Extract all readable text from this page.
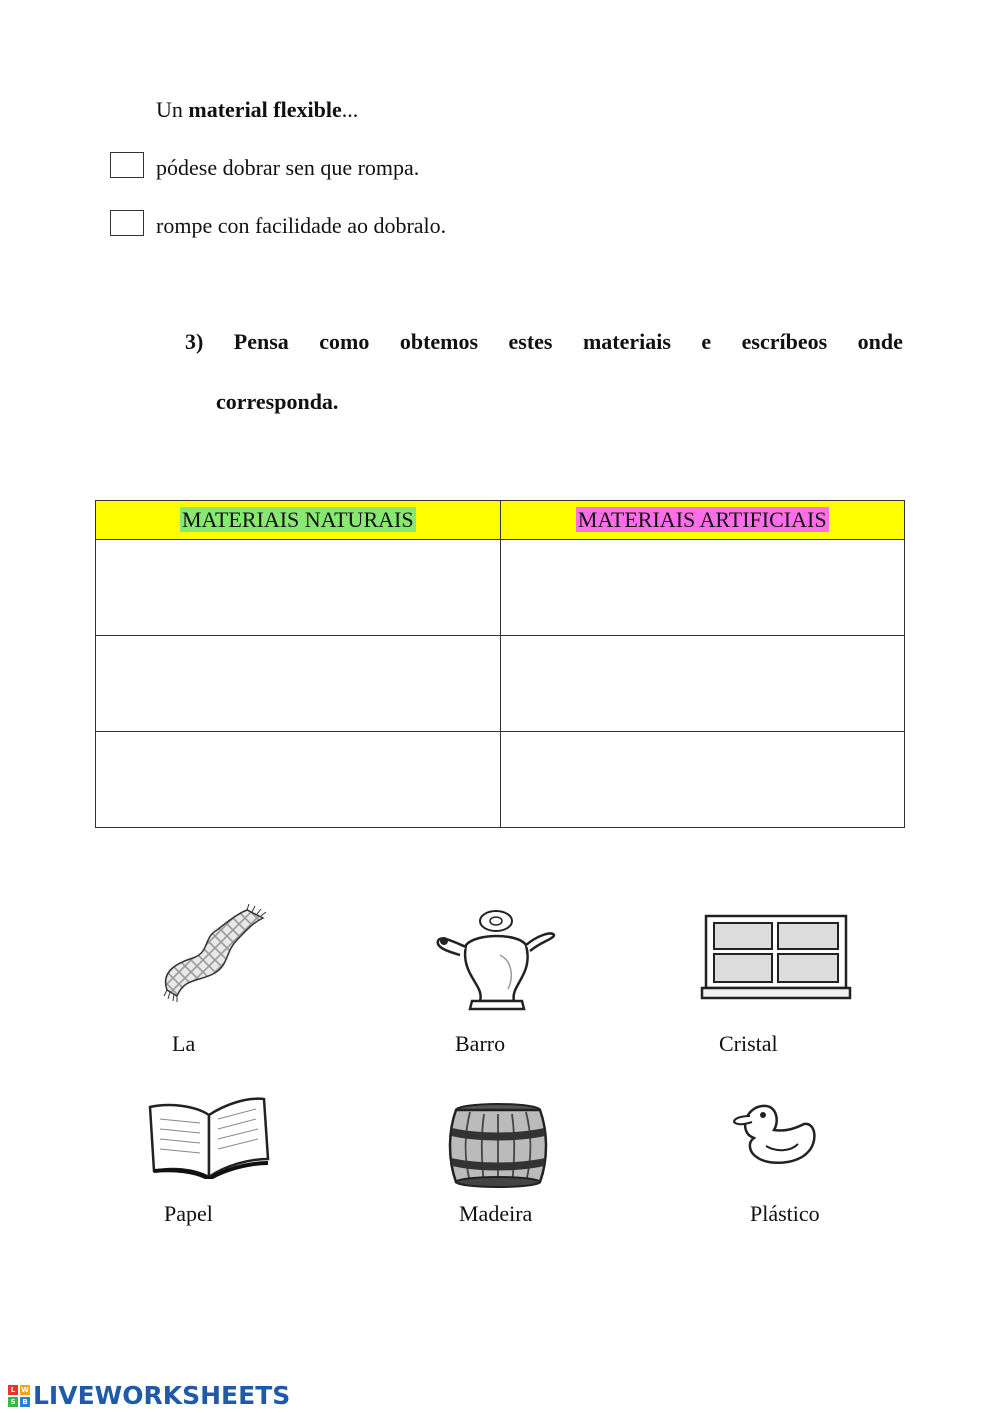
Un material flexible...
pódese dobrar sen que rompa.
rompe con facilidade ao dobralo.
3) Pensa como obtemos estes materiais e escríbeos onde
corresponda.
MATERIAIS NATURAIS	MATERIAIS ARTIFICIAIS

La	Barro	Cristal
Papel	Madeira	Plástico
L W
S B LIVEWORKSHEETS
